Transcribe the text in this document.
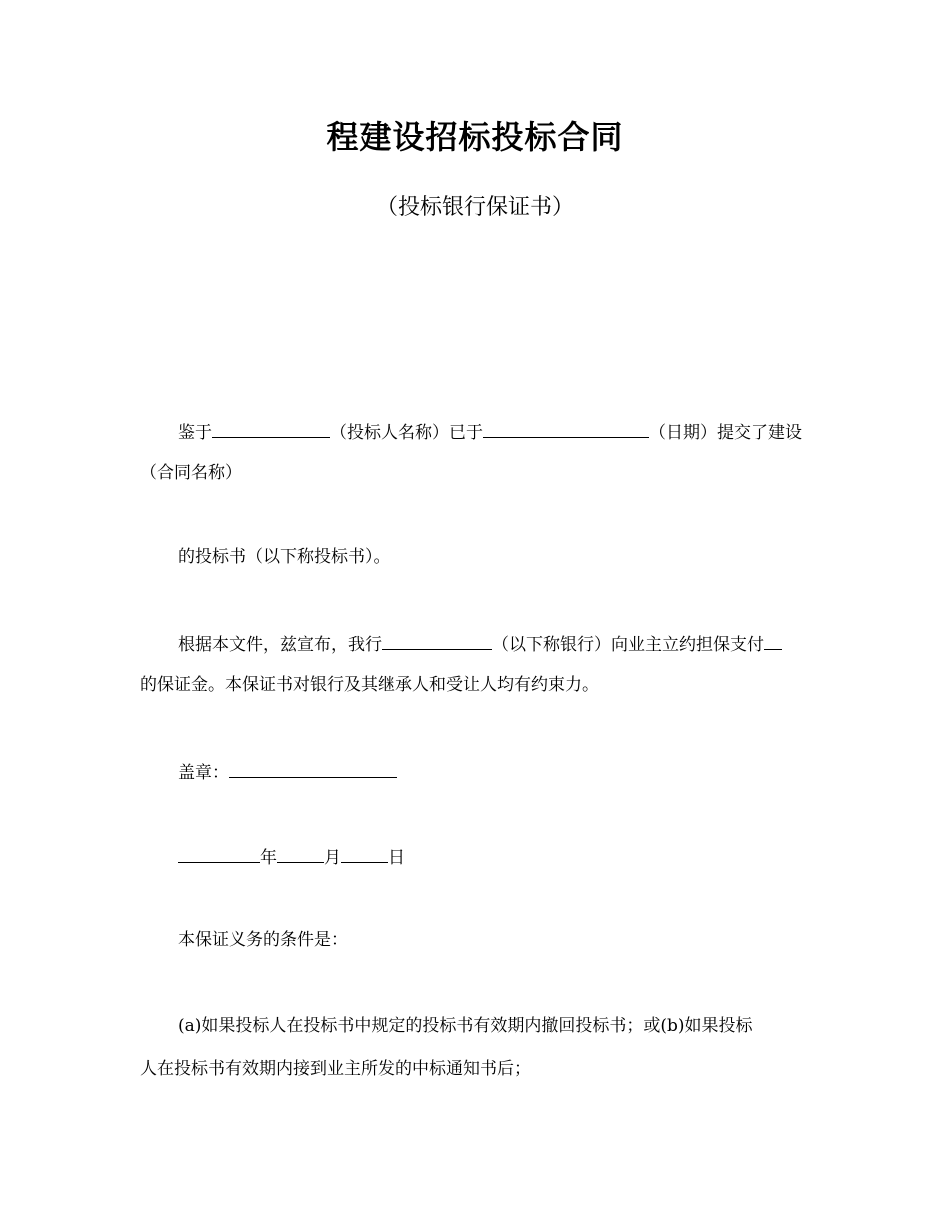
程建设招标投标合同
（投标银行保证书）
鉴于	（投标人名称）已于	（日期）提交了建设
（合同名称）
的投标书（以下称投标书）。
根据本文件，兹宣布，我行	（以下称银行）向业主立约担保支付
的保证金。本保证书对银行及其继承人和受让人均有约束力。
盖章：
年	月	日
本保证义务的条件是：
(a)如果投标人在投标书中规定的投标书有效期内撤回投标书；或(b)如果投标
人在投标书有效期内接到业主所发的中标通知书后；
